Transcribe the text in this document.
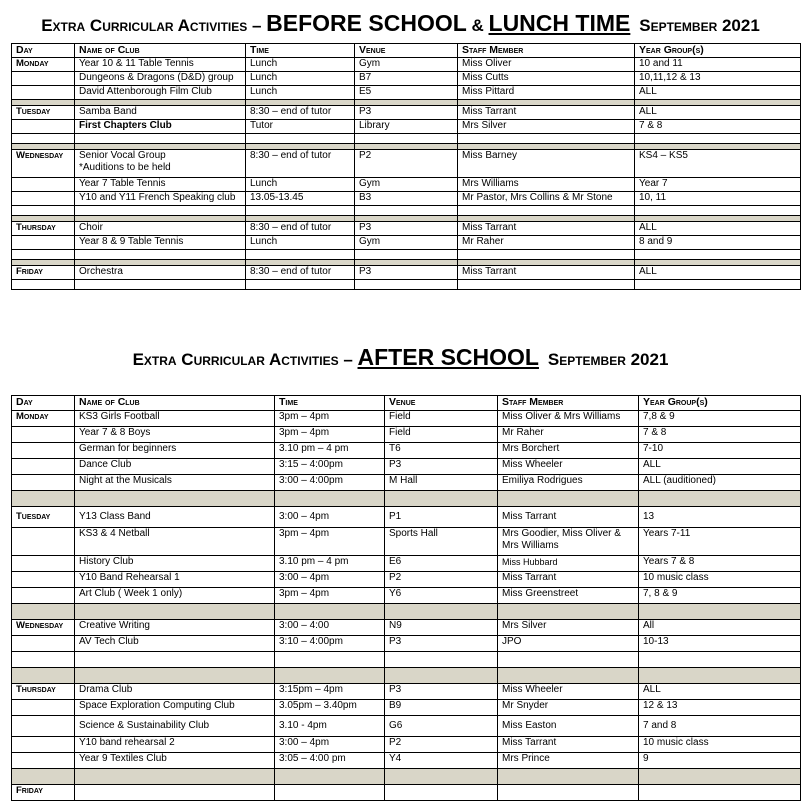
Extra Curricular Activities – BEFORE SCHOOL & LUNCH TIME September 2021
Day	Name of Club	Time	Venue	Staff Member	Year Group(s)
Monday	Year 10 & 11 Table Tennis	Lunch	Gym	Miss Oliver	10 and 11
	Dungeons & Dragons (D&D) group	Lunch	B7	Miss Cutts	10,11,12 & 13
	David Attenborough Film Club	Lunch	E5	Miss Pittard	ALL

Tuesday	Samba Band	8:30 – end of tutor	P3	Miss Tarrant	ALL
	First Chapters Club	Tutor	Library	Mrs Silver	7 & 8

Wednesday	Senior Vocal Group
*Auditions to be held	8:30 – end of tutor	P2	Miss Barney	KS4 – KS5
	Year 7 Table Tennis	Lunch	Gym	Mrs Williams	Year 7
	Y10 and Y11 French Speaking club	13.05-13.45	B3	Mr Pastor, Mrs Collins & Mr Stone	10, 11

Thursday	Choir	8:30 – end of tutor	P3	Miss Tarrant	ALL
	Year 8 & 9 Table Tennis	Lunch	Gym	Mr Raher	8 and 9

Friday	Orchestra	8:30 – end of tutor	P3	Miss Tarrant	ALL

Extra Curricular Activities – AFTER SCHOOL September 2021
Day	Name of Club	Time	Venue	Staff Member	Year Group(s)
Monday	KS3 Girls Football	3pm – 4pm	Field	Miss Oliver & Mrs Williams	7,8 & 9
	Year 7 & 8 Boys	3pm – 4pm	Field	Mr Raher	7 & 8
	German for beginners	3.10 pm – 4 pm	T6	Mrs Borchert	7-10
	Dance Club	3:15 – 4:00pm	P3	Miss Wheeler	ALL
	Night at the Musicals	3:00 – 4:00pm	M Hall	Emiliya Rodrigues	ALL (auditioned)

Tuesday	Y13 Class Band	3:00 – 4pm	P1	Miss Tarrant	13
	KS3 & 4 Netball	3pm – 4pm	Sports Hall	Mrs Goodier, Miss Oliver &
Mrs Williams	Years 7-11
	History Club	3.10 pm – 4 pm	E6	Miss Hubbard	Years 7 & 8
	Y10 Band Rehearsal 1	3:00 – 4pm	P2	Miss Tarrant	10 music class
	Art Club ( Week 1 only)	3pm – 4pm	Y6	Miss Greenstreet	7, 8 & 9

Wednesday	Creative Writing	3:00 – 4:00	N9	Mrs Silver	All
	AV Tech Club	3:10 – 4:00pm	P3	JPO	10-13

Thursday	Drama Club	3:15pm – 4pm	P3	Miss Wheeler	ALL
	Space Exploration Computing Club	3.05pm – 3.40pm	B9	Mr Snyder	12 & 13
	Science & Sustainability Club	3.10 - 4pm	G6	Miss Easton	7 and 8
	Y10 band rehearsal 2	3:00 – 4pm	P2	Miss Tarrant	10 music class
	Year 9 Textiles Club	3:05 – 4:00 pm	Y4	Mrs Prince	9

Friday					
